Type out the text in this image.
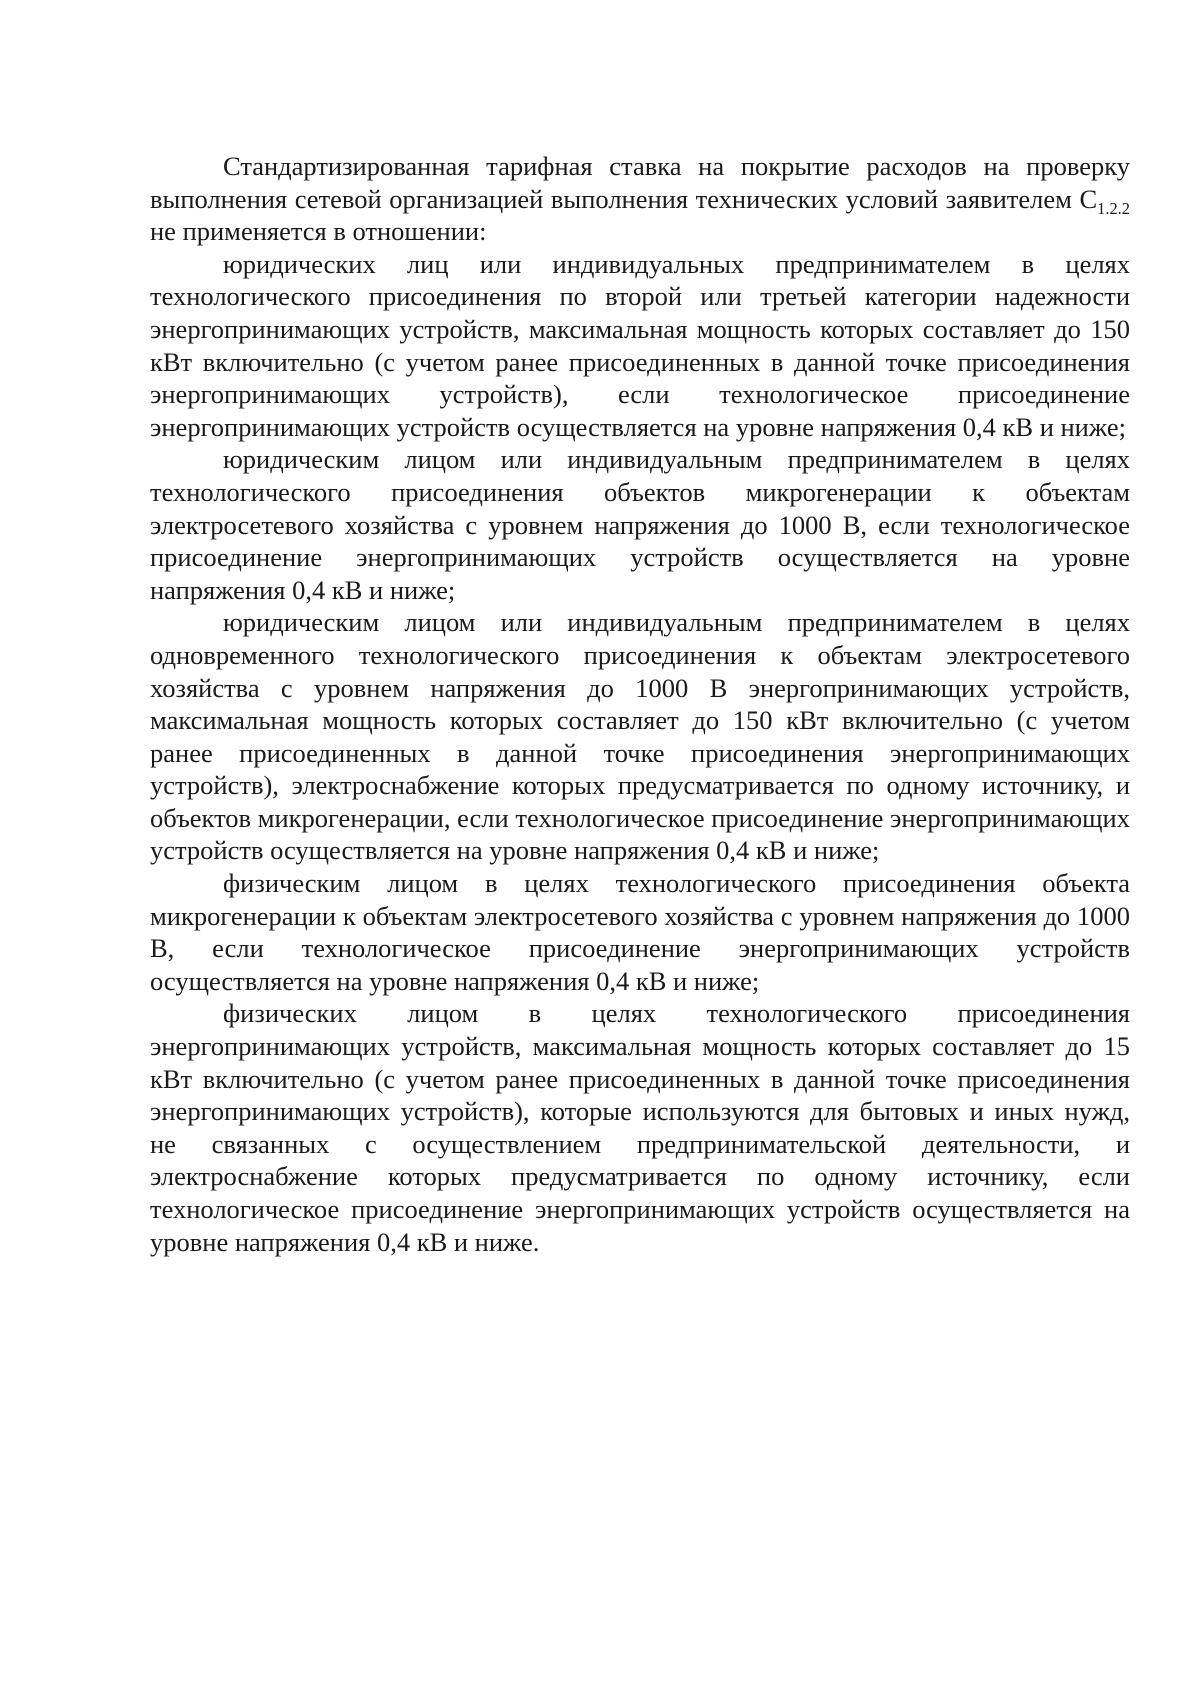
Стандартизированная тарифная ставка на покрытие расходов на проверку выполнения сетевой организацией выполнения технических условий заявителем $C_{1.2.2}$ не применяется в отношении:

юридических лиц или индивидуальных предпринимателем в целях технологического присоединения по второй или третьей категории надежности энергопринимающих устройств, максимальная мощность которых составляет до 150 кВт включительно (с учетом ранее присоединенных в данной точке присоединения энергопринимающих устройств), если технологическое присоединение энергопринимающих устройств осуществляется на уровне напряжения 0,4 кВ и ниже;

юридическим лицом или индивидуальным предпринимателем в целях технологического присоединения объектов микрогенерации к объектам электросетевого хозяйства с уровнем напряжения до 1000 В, если технологическое присоединение энергопринимающих устройств осуществляется на уровне напряжения 0,4 кВ и ниже;

юридическим лицом или индивидуальным предпринимателем в целях одновременного технологического присоединения к объектам электросетевого хозяйства с уровнем напряжения до 1000 В энергопринимающих устройств, максимальная мощность которых составляет до 150 кВт включительно (с учетом ранее присоединенных в данной точке присоединения энергопринимающих устройств), электроснабжение которых предусматривается по одному источнику, и объектов микрогенерации, если технологическое присоединение энергопринимающих устройств осуществляется на уровне напряжения 0,4 кВ и ниже;

физическим лицом в целях технологического присоединения объекта микрогенерации к объектам электросетевого хозяйства с уровнем напряжения до 1000 В, если технологическое присоединение энергопринимающих устройств осуществляется на уровне напряжения 0,4 кВ и ниже;

физических лицом в целях технологического присоединения энергопринимающих устройств, максимальная мощность которых составляет до 15 кВт включительно (с учетом ранее присоединенных в данной точке присоединения энергопринимающих устройств), которые используются для бытовых и иных нужд, не связанных с осуществлением предпринимательской деятельности, и электроснабжение которых предусматривается по одному источнику, если технологическое присоединение энергопринимающих устройств осуществляется на уровне напряжения 0,4 кВ и ниже.
